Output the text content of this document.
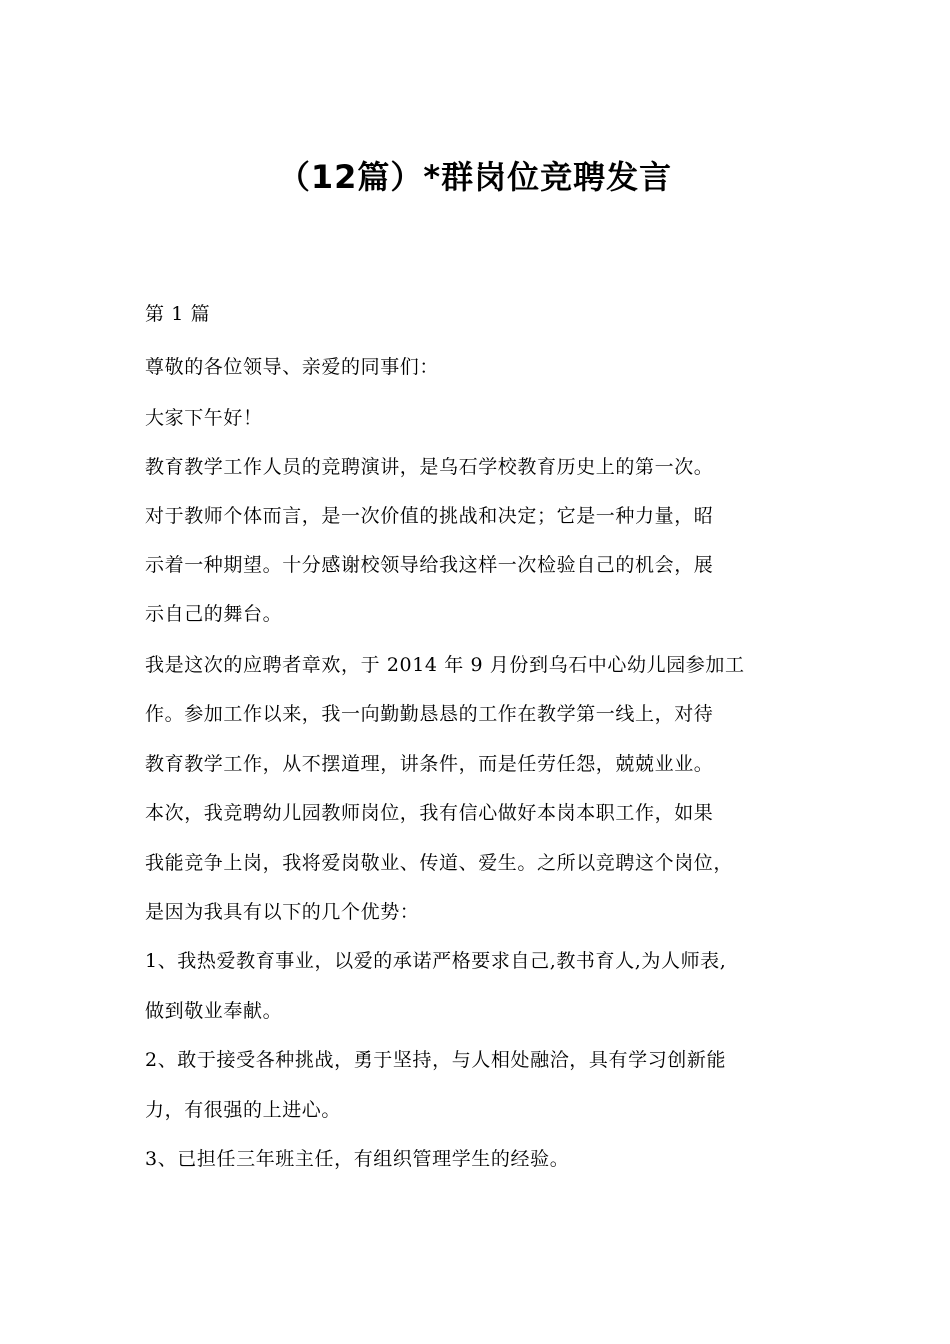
（12篇）*群岗位竞聘发言
第 1 篇
尊敬的各位领导、亲爱的同事们：
大家下午好！
教育教学工作人员的竞聘演讲，是乌石学校教育历史上的第一次。
对于教师个体而言，是一次价值的挑战和决定；它是一种力量，昭
示着一种期望。十分感谢校领导给我这样一次检验自己的机会，展
示自己的舞台。
我是这次的应聘者章欢，于 2014 年 9 月份到乌石中心幼儿园参加工
作。参加工作以来，我一向勤勤恳恳的工作在教学第一线上，对待
教育教学工作，从不摆道理，讲条件，而是任劳任怨，兢兢业业。
本次，我竞聘幼儿园教师岗位，我有信心做好本岗本职工作，如果
我能竞争上岗，我将爱岗敬业、传道、爱生。之所以竞聘这个岗位，
是因为我具有以下的几个优势：
1、我热爱教育事业，以爱的承诺严格要求自己,教书育人,为人师表,
做到敬业奉献。
2、敢于接受各种挑战，勇于坚持，与人相处融洽，具有学习创新能
力，有很强的上进心。
3、已担任三年班主任，有组织管理学生的经验。
